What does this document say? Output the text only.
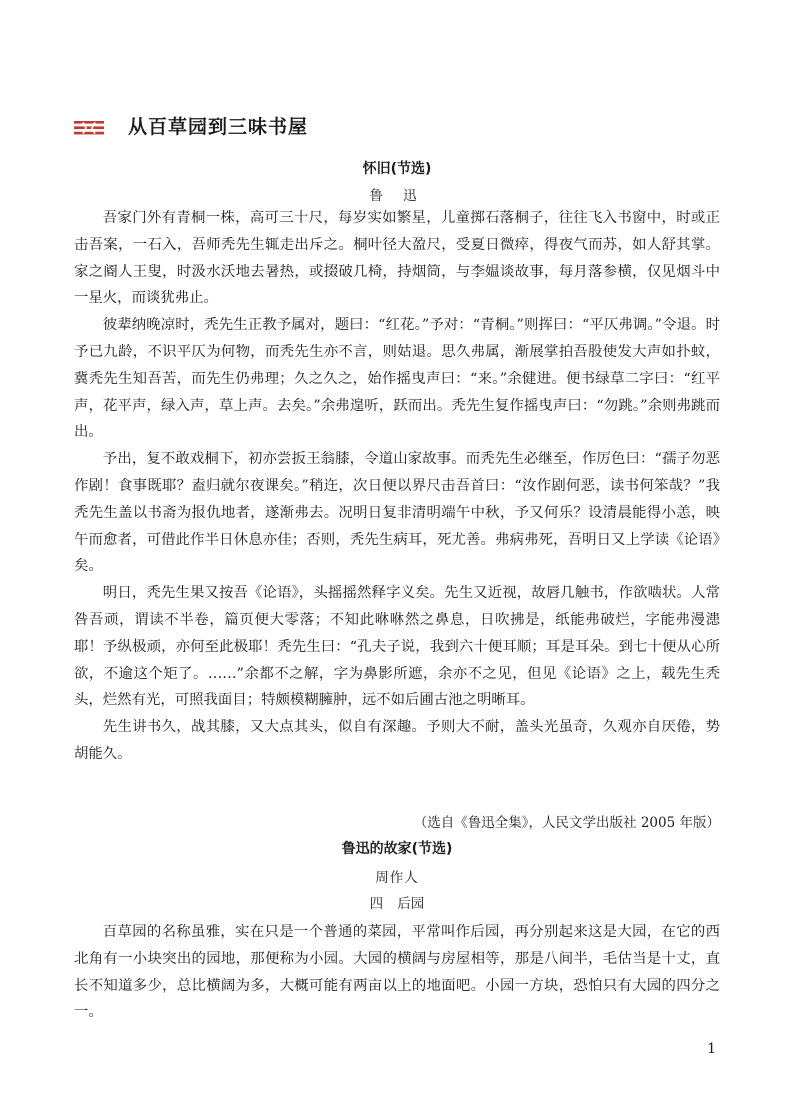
从百草园到三味书屋
怀旧(节选)
鲁 迅

吾家门外有青桐一株，高可三十尺，每岁实如繁星，儿童掷石落桐子，往往飞入书窗中，时或正击吾案，一石入，吾师秃先生辄走出斥之。桐叶径大盈尺，受夏日微瘁，得夜气而苏，如人舒其掌。家之阍人王叟，时汲水沃地去暑热，或掇破几椅，持烟筒，与李媪谈故事，每月落参横，仅见烟斗中一星火，而谈犹弗止。

彼辈纳晚凉时，秃先生正教予属对，题曰：“红花。”予对：“青桐。”则挥曰：“平仄弗调。”令退。时予已九龄，不识平仄为何物，而秃先生亦不言，则姑退。思久弗属，渐展掌拍吾股使发大声如扑蚊，冀秃先生知吾苦，而先生仍弗理；久之久之，始作摇曳声曰：“来。”余健进。便书绿草二字曰：“红平声，花平声，绿入声，草上声。去矣。”余弗遑听，跃而出。秃先生复作摇曳声曰：“勿跳。”余则弗跳而出。

予出，复不敢戏桐下，初亦尝扳王翁膝，令道山家故事。而秃先生必继至，作厉色曰：“孺子勿恶作剧！食事既耶？盍归就尔夜课矣。”稍迕，次日便以界尺击吾首曰：“汝作剧何恶，读书何笨哉？”我秃先生盖以书斋为报仇地者，遂渐弗去。况明日复非清明端午中秋，予又何乐？设清晨能得小恙，映午而愈者，可借此作半日休息亦佳；否则，秃先生病耳，死尤善。弗病弗死，吾明日又上学读《论语》矣。

明日，秃先生果又按吾《论语》，头摇摇然释字义矣。先生又近视，故唇几触书，作欲啮状。人常咎吾顽，谓读不半卷，篇页便大零落；不知此咻咻然之鼻息，日吹拂是，纸能弗破烂，字能弗漫漶耶！予纵极顽，亦何至此极耶！秃先生曰：“孔夫子说，我到六十便耳顺；耳是耳朵。到七十便从心所欲，不逾这个矩了。……”余都不之解，字为鼻影所遮，余亦不之见，但见《论语》之上，载先生秃头，烂然有光，可照我面目；特颇模糊臃肿，远不如后圃古池之明晰耳。

先生讲书久，战其膝，又大点其头，似自有深趣。予则大不耐，盖头光虽奇，久观亦自厌倦，势胡能久。

（选自《鲁迅全集》，人民文学出版社 2005 年版）
鲁迅的故家(节选)
周作人
四 后园

百草园的名称虽雅，实在只是一个普通的菜园，平常叫作后园，再分别起来这是大园，在它的西北角有一小块突出的园地，那便称为小园。大园的横阔与房屋相等，那是八间半，毛估当是十丈，直长不知道多少，总比横阔为多，大概可能有两亩以上的地面吧。小园一方块，恐怕只有大园的四分之一。

1
